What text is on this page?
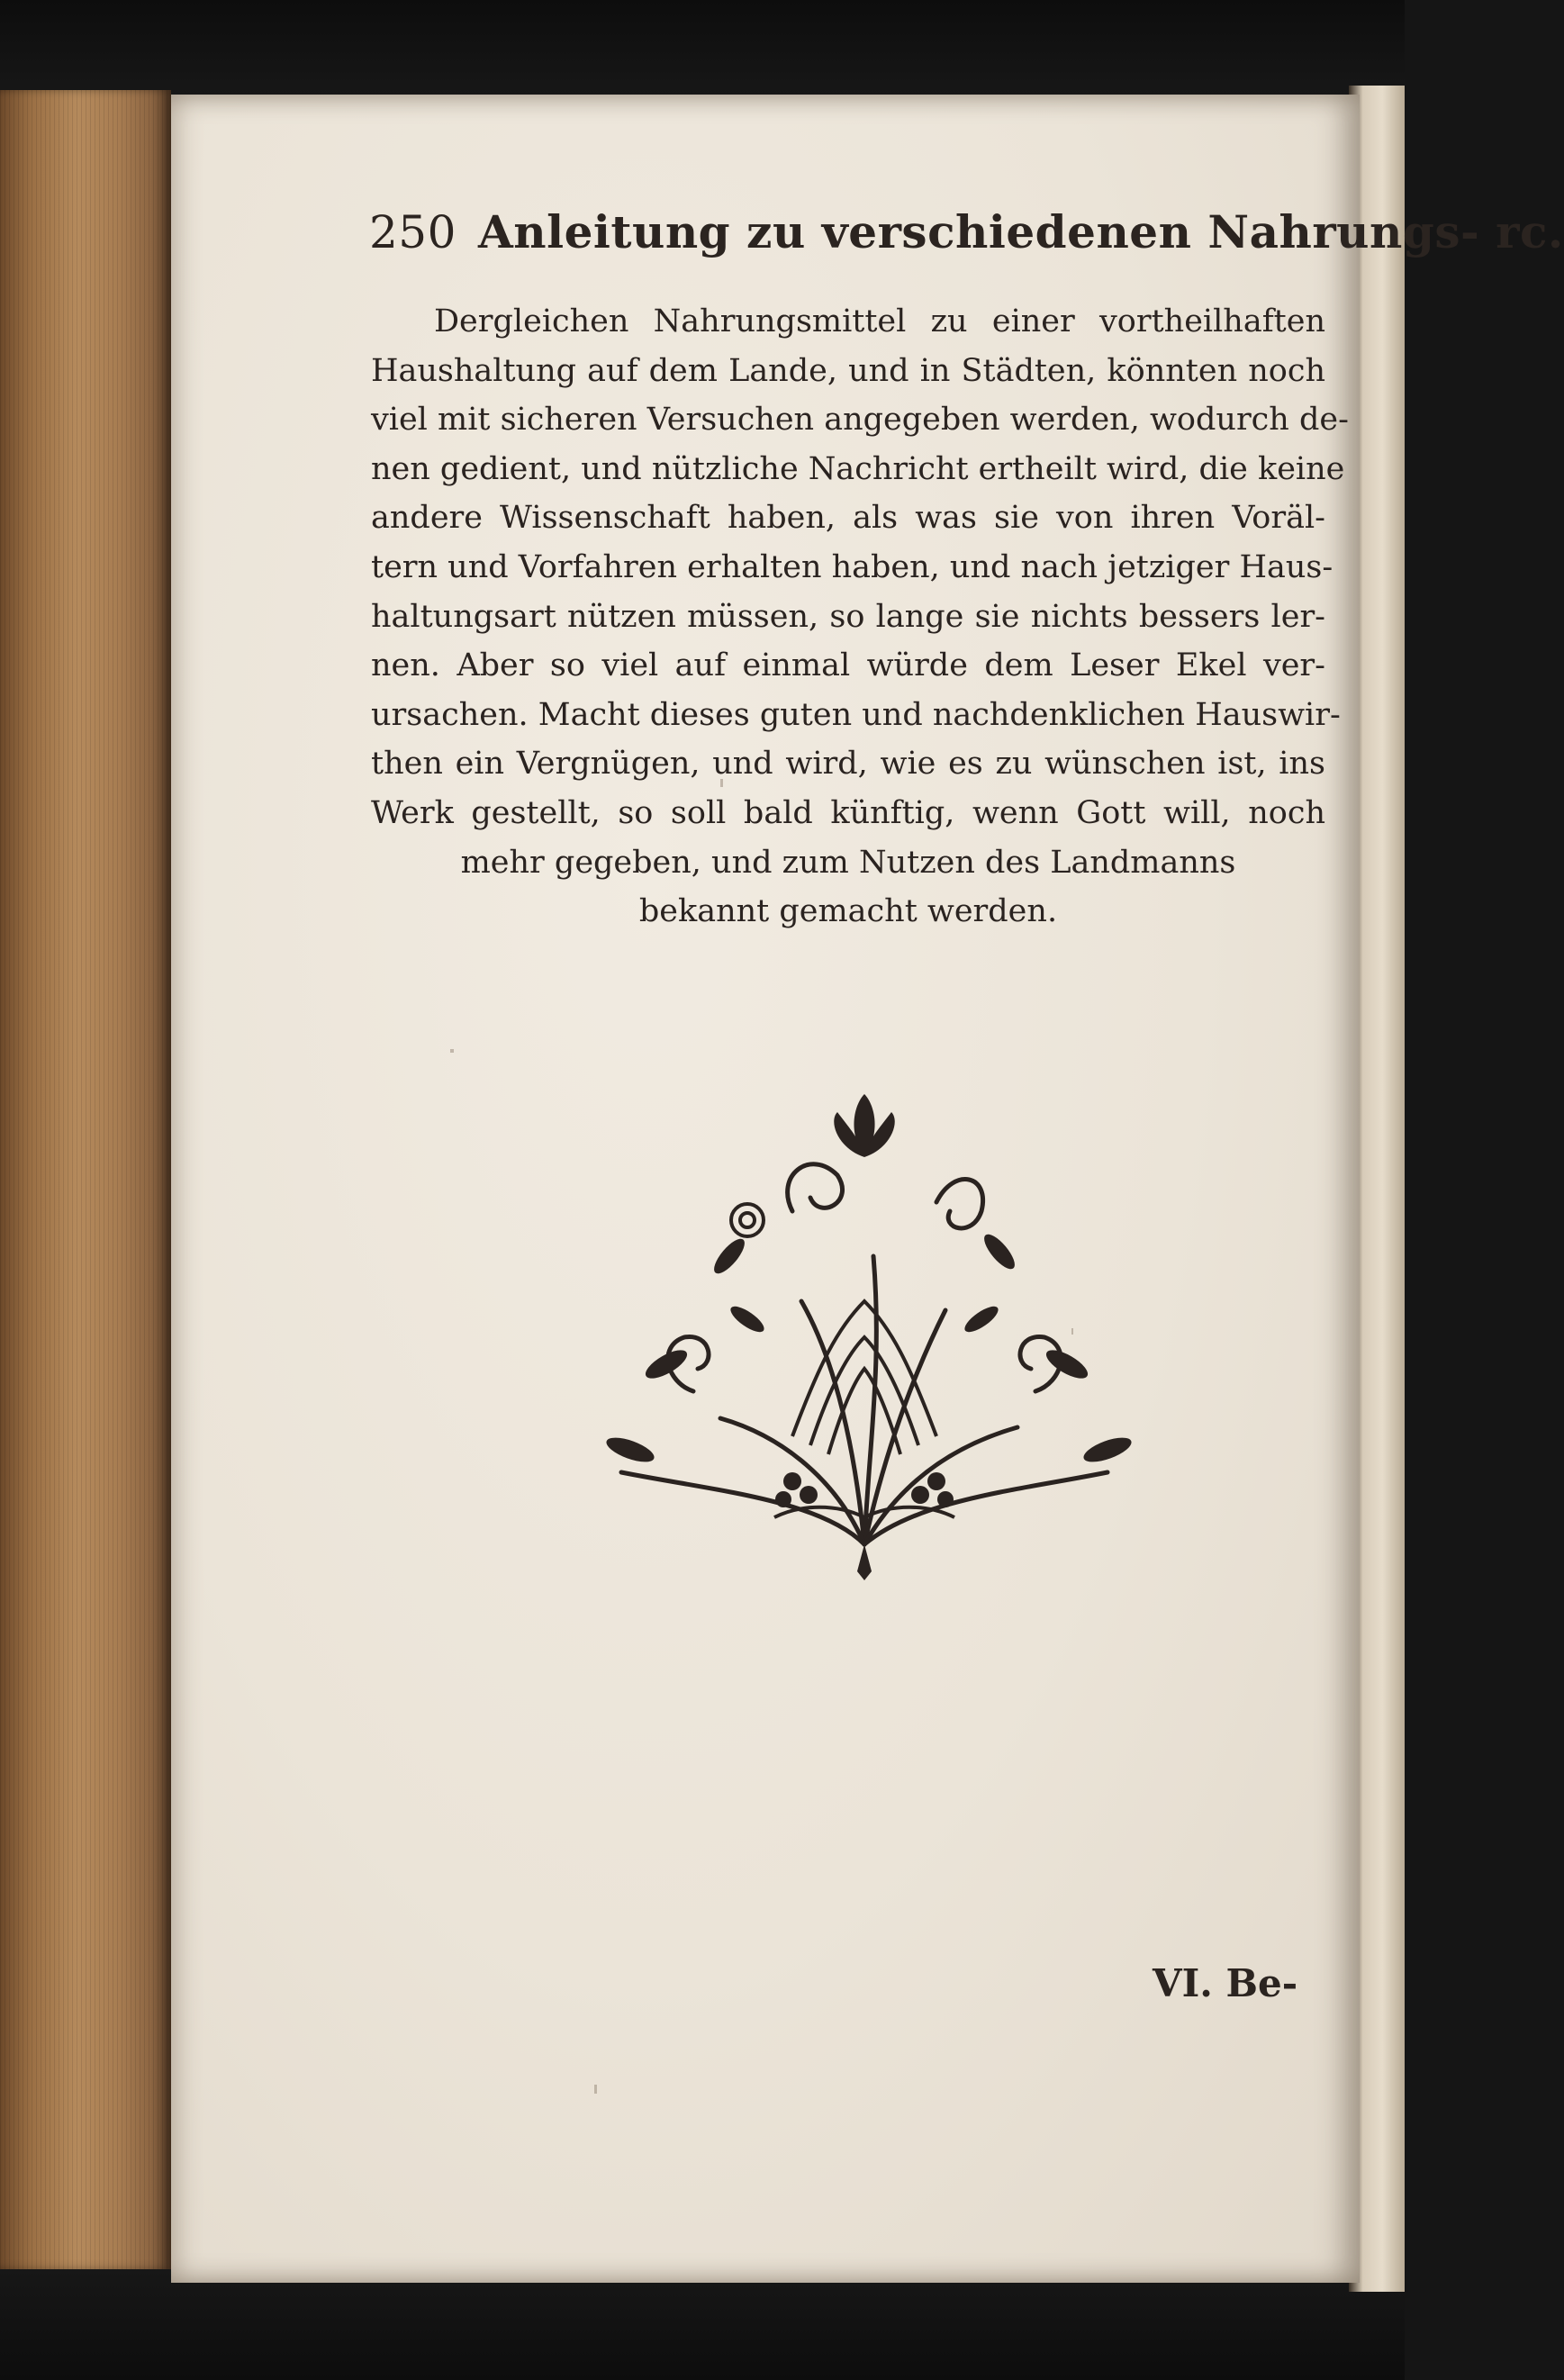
250 Anleitung zu verschiedenen Nahrungs- rc.
Dergleichen Nahrungsmittel zu einer vortheilhaften
Haushaltung auf dem Lande, und in Städten, könnten noch
viel mit sicheren Versuchen angegeben werden, wodurch de-
nen gedient, und nützliche Nachricht ertheilt wird, die keine
andere Wissenschaft haben, als was sie von ihren Voräl-
tern und Vorfahren erhalten haben, und nach jetziger Haus-
haltungsart nützen müssen, so lange sie nichts bessers ler-
nen. Aber so viel auf einmal würde dem Leser Ekel ver-
ursachen. Macht dieses guten und nachdenklichen Hauswir-
then ein Vergnügen, und wird, wie es zu wünschen ist, ins
Werk gestellt, so soll bald künftig, wenn Gott will, noch
mehr gegeben, und zum Nutzen des Landmanns
bekannt gemacht werden.
VI. Be-
